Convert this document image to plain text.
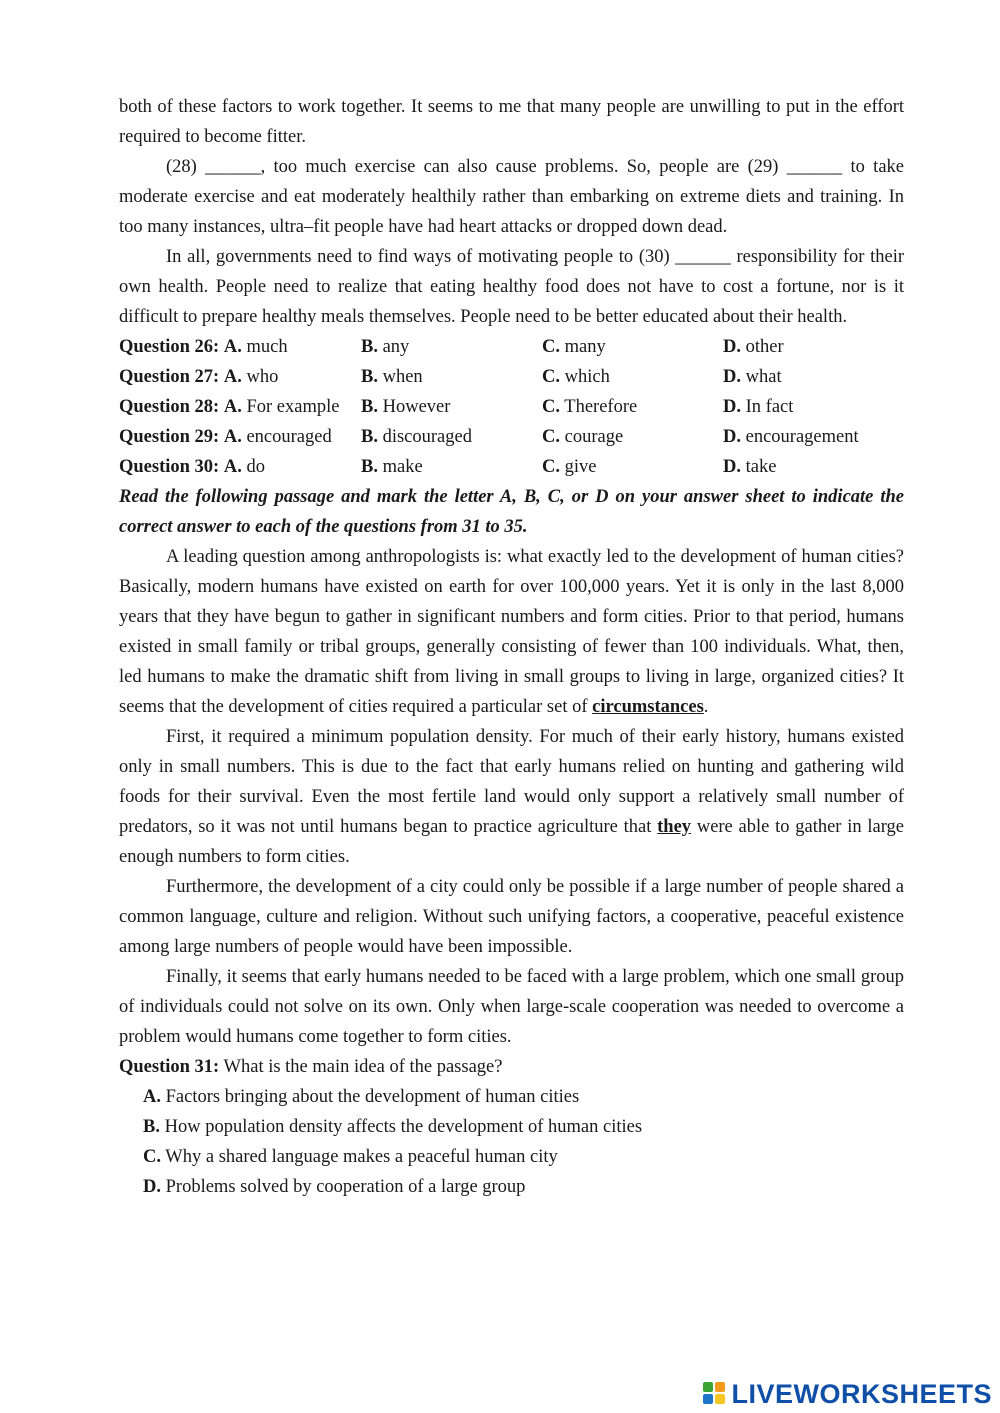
both of these factors to work together. It seems to me that many people are unwilling to put in the effort required to become fitter.

(28) ______, too much exercise can also cause problems. So, people are (29) ______ to take moderate exercise and eat moderately healthily rather than embarking on extreme diets and training. In too many instances, ultra–fit people have had heart attacks or dropped down dead.

In all, governments need to find ways of motivating people to (30) ______ responsibility for their own health. People need to realize that eating healthy food does not have to cost a fortune, nor is it difficult to prepare healthy meals themselves. People need to be better educated about their health.

Question 26: A. much	B. any	C. many	D. other
Question 27: A. who	B. when	C. which	D. what
Question 28: A. For example B. However	C. Therefore	D. In fact
Question 29: A. encouraged B. discouraged	C. courage	D. encouragement
Question 30: A. do	B. make	C. give	D. take

Read the following passage and mark the letter A, B, C, or D on your answer sheet to indicate the correct answer to each of the questions from 31 to 35.

A leading question among anthropologists is: what exactly led to the development of human cities? Basically, modern humans have existed on earth for over 100,000 years. Yet it is only in the last 8,000 years that they have begun to gather in significant numbers and form cities. Prior to that period, humans existed in small family or tribal groups, generally consisting of fewer than 100 individuals. What, then, led humans to make the dramatic shift from living in small groups to living in large, organized cities? It seems that the development of cities required a particular set of circumstances.

First, it required a minimum population density. For much of their early history, humans existed only in small numbers. This is due to the fact that early humans relied on hunting and gathering wild foods for their survival. Even the most fertile land would only support a relatively small number of predators, so it was not until humans began to practice agriculture that they were able to gather in large enough numbers to form cities.

Furthermore, the development of a city could only be possible if a large number of people shared a common language, culture and religion. Without such unifying factors, a cooperative, peaceful existence among large numbers of people would have been impossible.

Finally, it seems that early humans needed to be faced with a large problem, which one small group of individuals could not solve on its own. Only when large-scale cooperation was needed to overcome a problem would humans come together to form cities.

Question 31: What is the main idea of the passage?
A. Factors bringing about the development of human cities
B. How population density affects the development of human cities
C. Why a shared language makes a peaceful human city
D. Problems solved by cooperation of a large group
LIVEWORKSHEETS
